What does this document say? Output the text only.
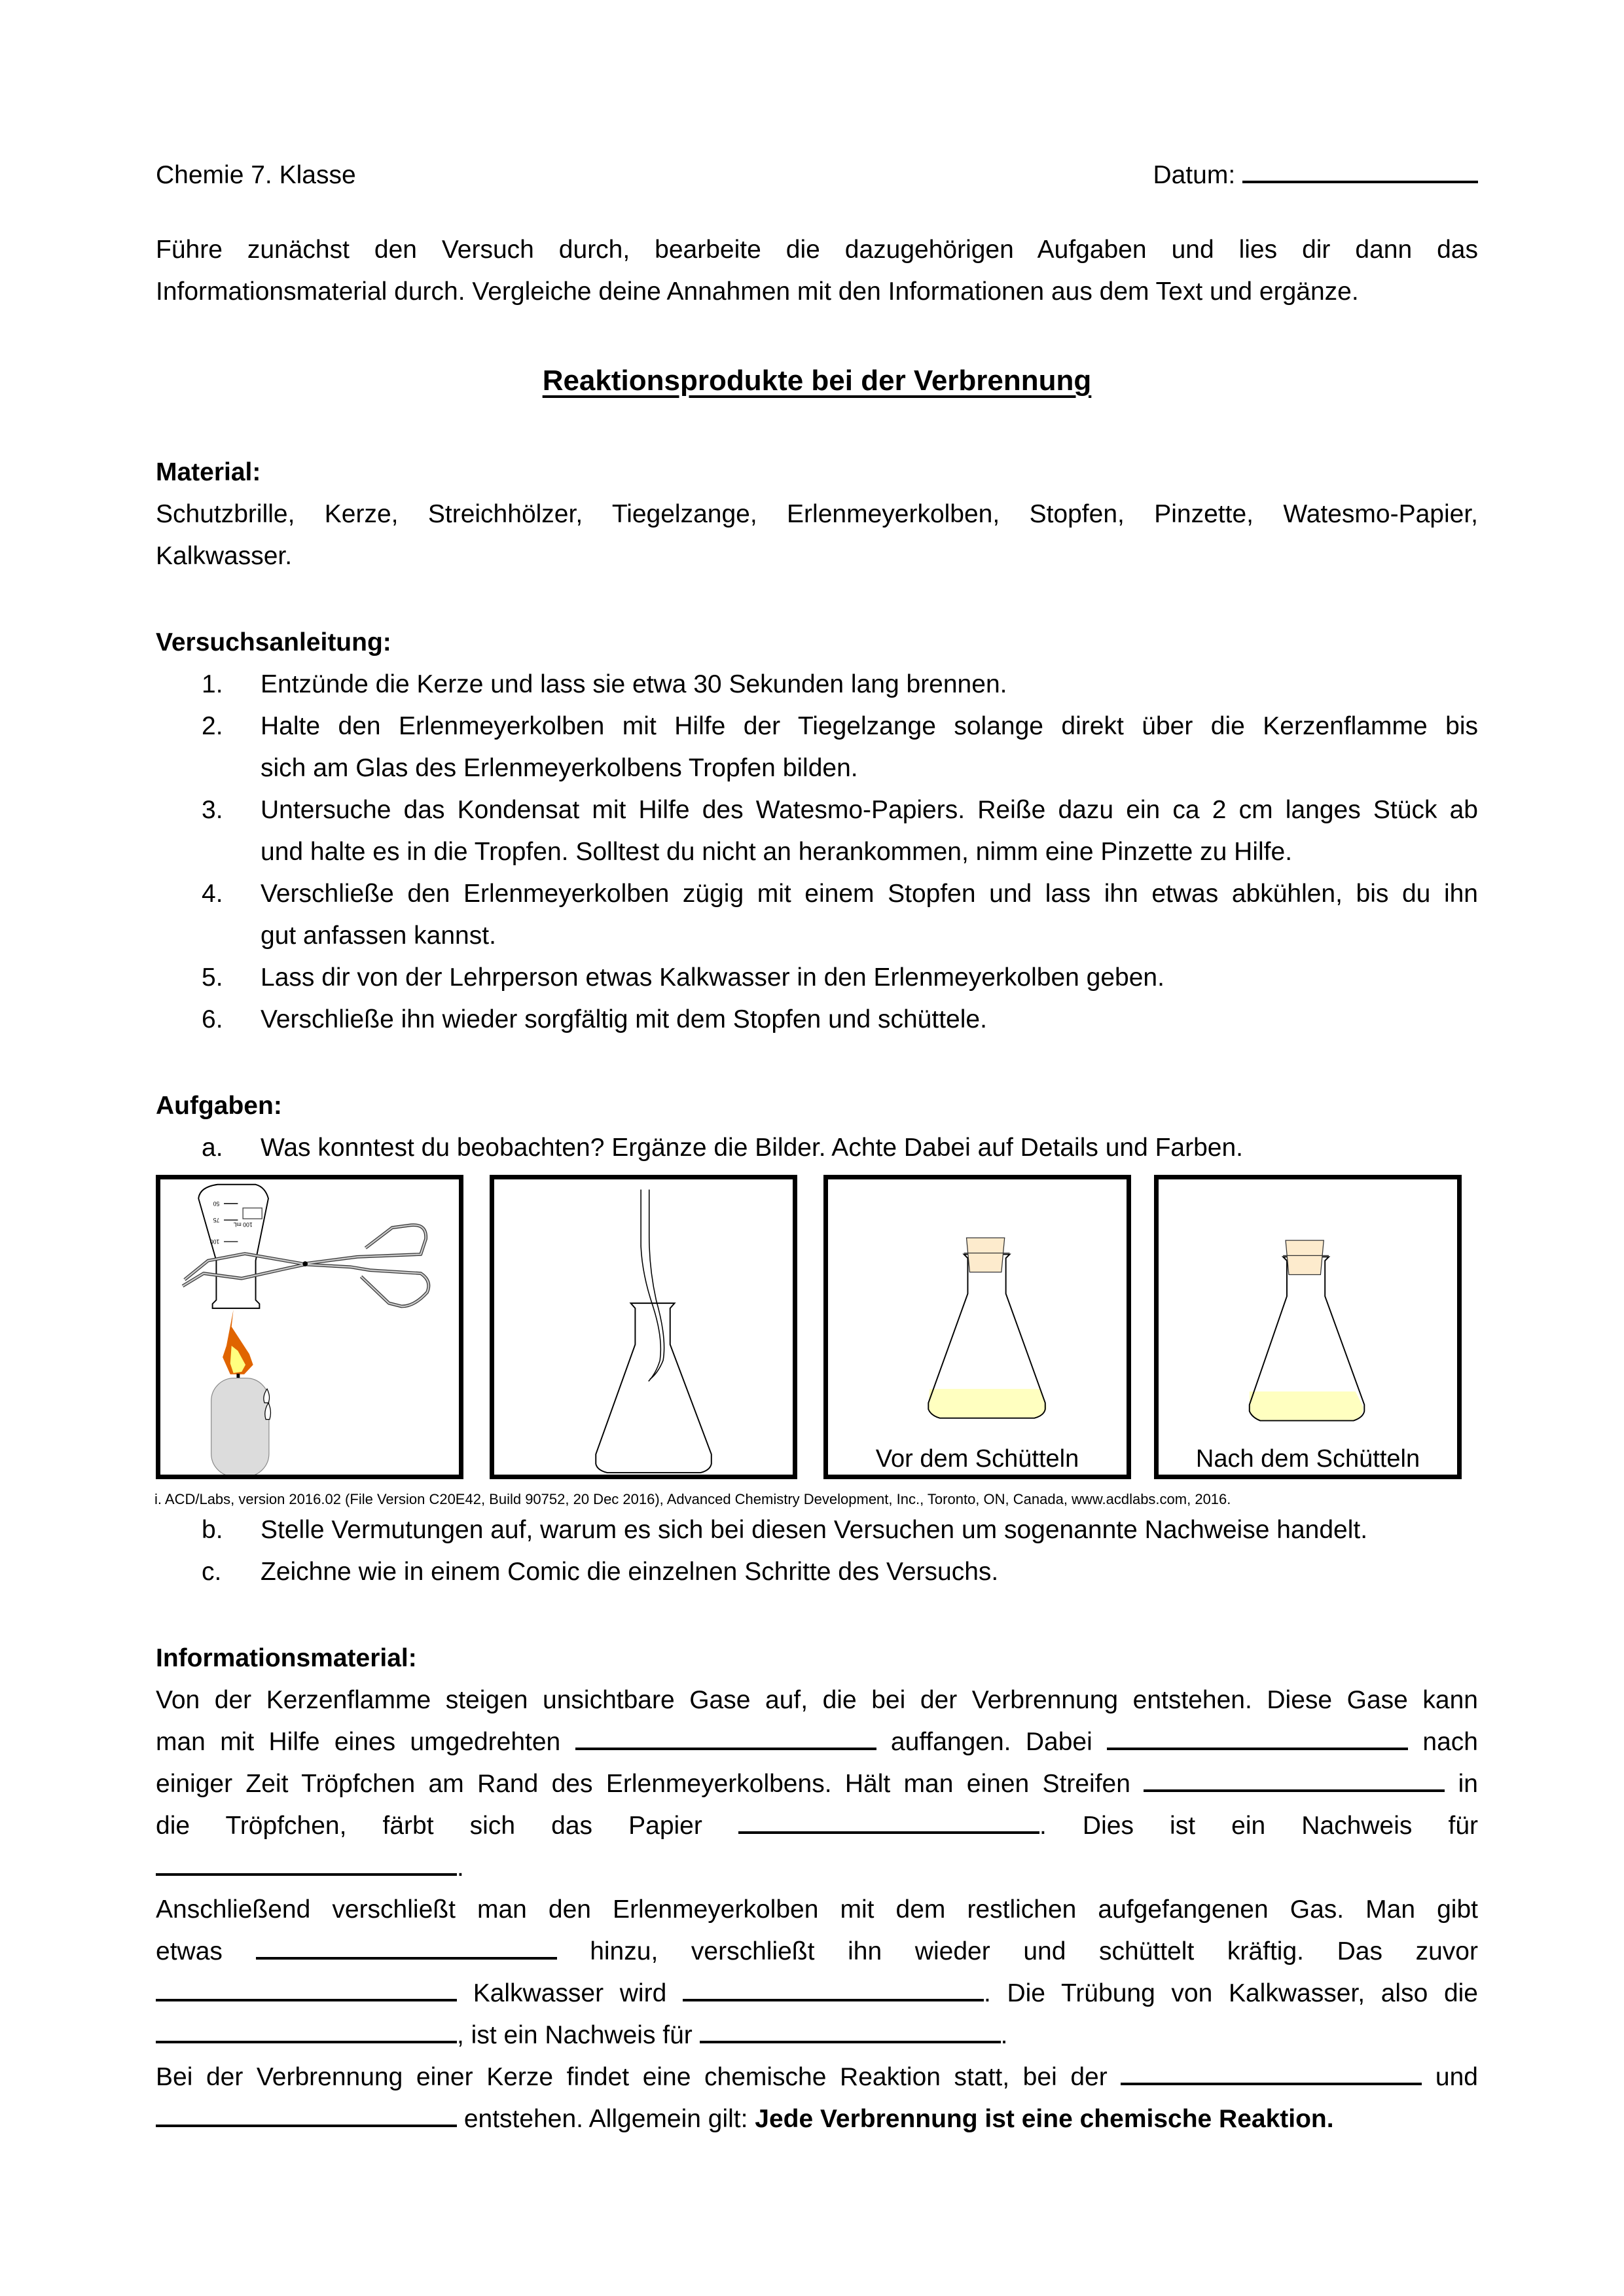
Chemie 7. Klasse	Datum:
Führe zunächst den Versuch durch, bearbeite die dazugehörigen Aufgaben und lies dir dann das
Informationsmaterial durch. Vergleiche deine Annahmen mit den Informationen aus dem Text und ergänze.
Reaktionsprodukte bei der Verbrennung
Material:
Schutzbrille, Kerze, Streichhölzer, Tiegelzange, Erlenmeyerkolben, Stopfen, Pinzette, Watesmo-Papier,
Kalkwasser.
Versuchsanleitung:
1. Entzünde die Kerze und lass sie etwa 30 Sekunden lang brennen.
2. Halte den Erlenmeyerkolben mit Hilfe der Tiegelzange solange direkt über die Kerzenflamme bis
sich am Glas des Erlenmeyerkolbens Tropfen bilden.
3. Untersuche das Kondensat mit Hilfe des Watesmo-Papiers. Reiße dazu ein ca 2 cm langes Stück ab
und halte es in die Tropfen. Solltest du nicht an herankommen, nimm eine Pinzette zu Hilfe.
4. Verschließe den Erlenmeyerkolben zügig mit einem Stopfen und lass ihn etwas abkühlen, bis du ihn
gut anfassen kannst.
5. Lass dir von der Lehrperson etwas Kalkwasser in den Erlenmeyerkolben geben.
6. Verschließe ihn wieder sorgfältig mit dem Stopfen und schüttele.
Aufgaben:
a. Was konntest du beobachten? Ergänze die Bilder. Achte Dabei auf Details und Farben.
50
75
100
100 mL
Vor dem Schütteln	Nach dem Schütteln
i. ACD/Labs, version 2016.02 (File Version C20E42, Build 90752, 20 Dec 2016), Advanced Chemistry Development, Inc., Toronto, ON, Canada, www.acdlabs.com, 2016.
b. Stelle Vermutungen auf, warum es sich bei diesen Versuchen um sogenannte Nachweise handelt.
c. Zeichne wie in einem Comic die einzelnen Schritte des Versuchs.
Informationsmaterial:
Von der Kerzenflamme steigen unsichtbare Gase auf, die bei der Verbrennung entstehen. Diese Gase kann
man mit Hilfe eines umgedrehten	auffangen. Dabei	nach
einiger Zeit Tröpfchen am Rand des Erlenmeyerkolbens. Hält man einen Streifen	in
die Tröpfchen, färbt sich das Papier	. Dies ist ein Nachweis für
.
Anschließend verschließt man den Erlenmeyerkolben mit dem restlichen aufgefangenen Gas. Man gibt
etwas	hinzu, verschließt ihn wieder und schüttelt kräftig. Das zuvor
Kalkwasser wird	. Die Trübung von Kalkwasser, also die
, ist ein Nachweis für	.
Bei der Verbrennung einer Kerze findet eine chemische Reaktion statt, bei der	und
entstehen. Allgemein gilt: Jede Verbrennung ist eine chemische Reaktion.
